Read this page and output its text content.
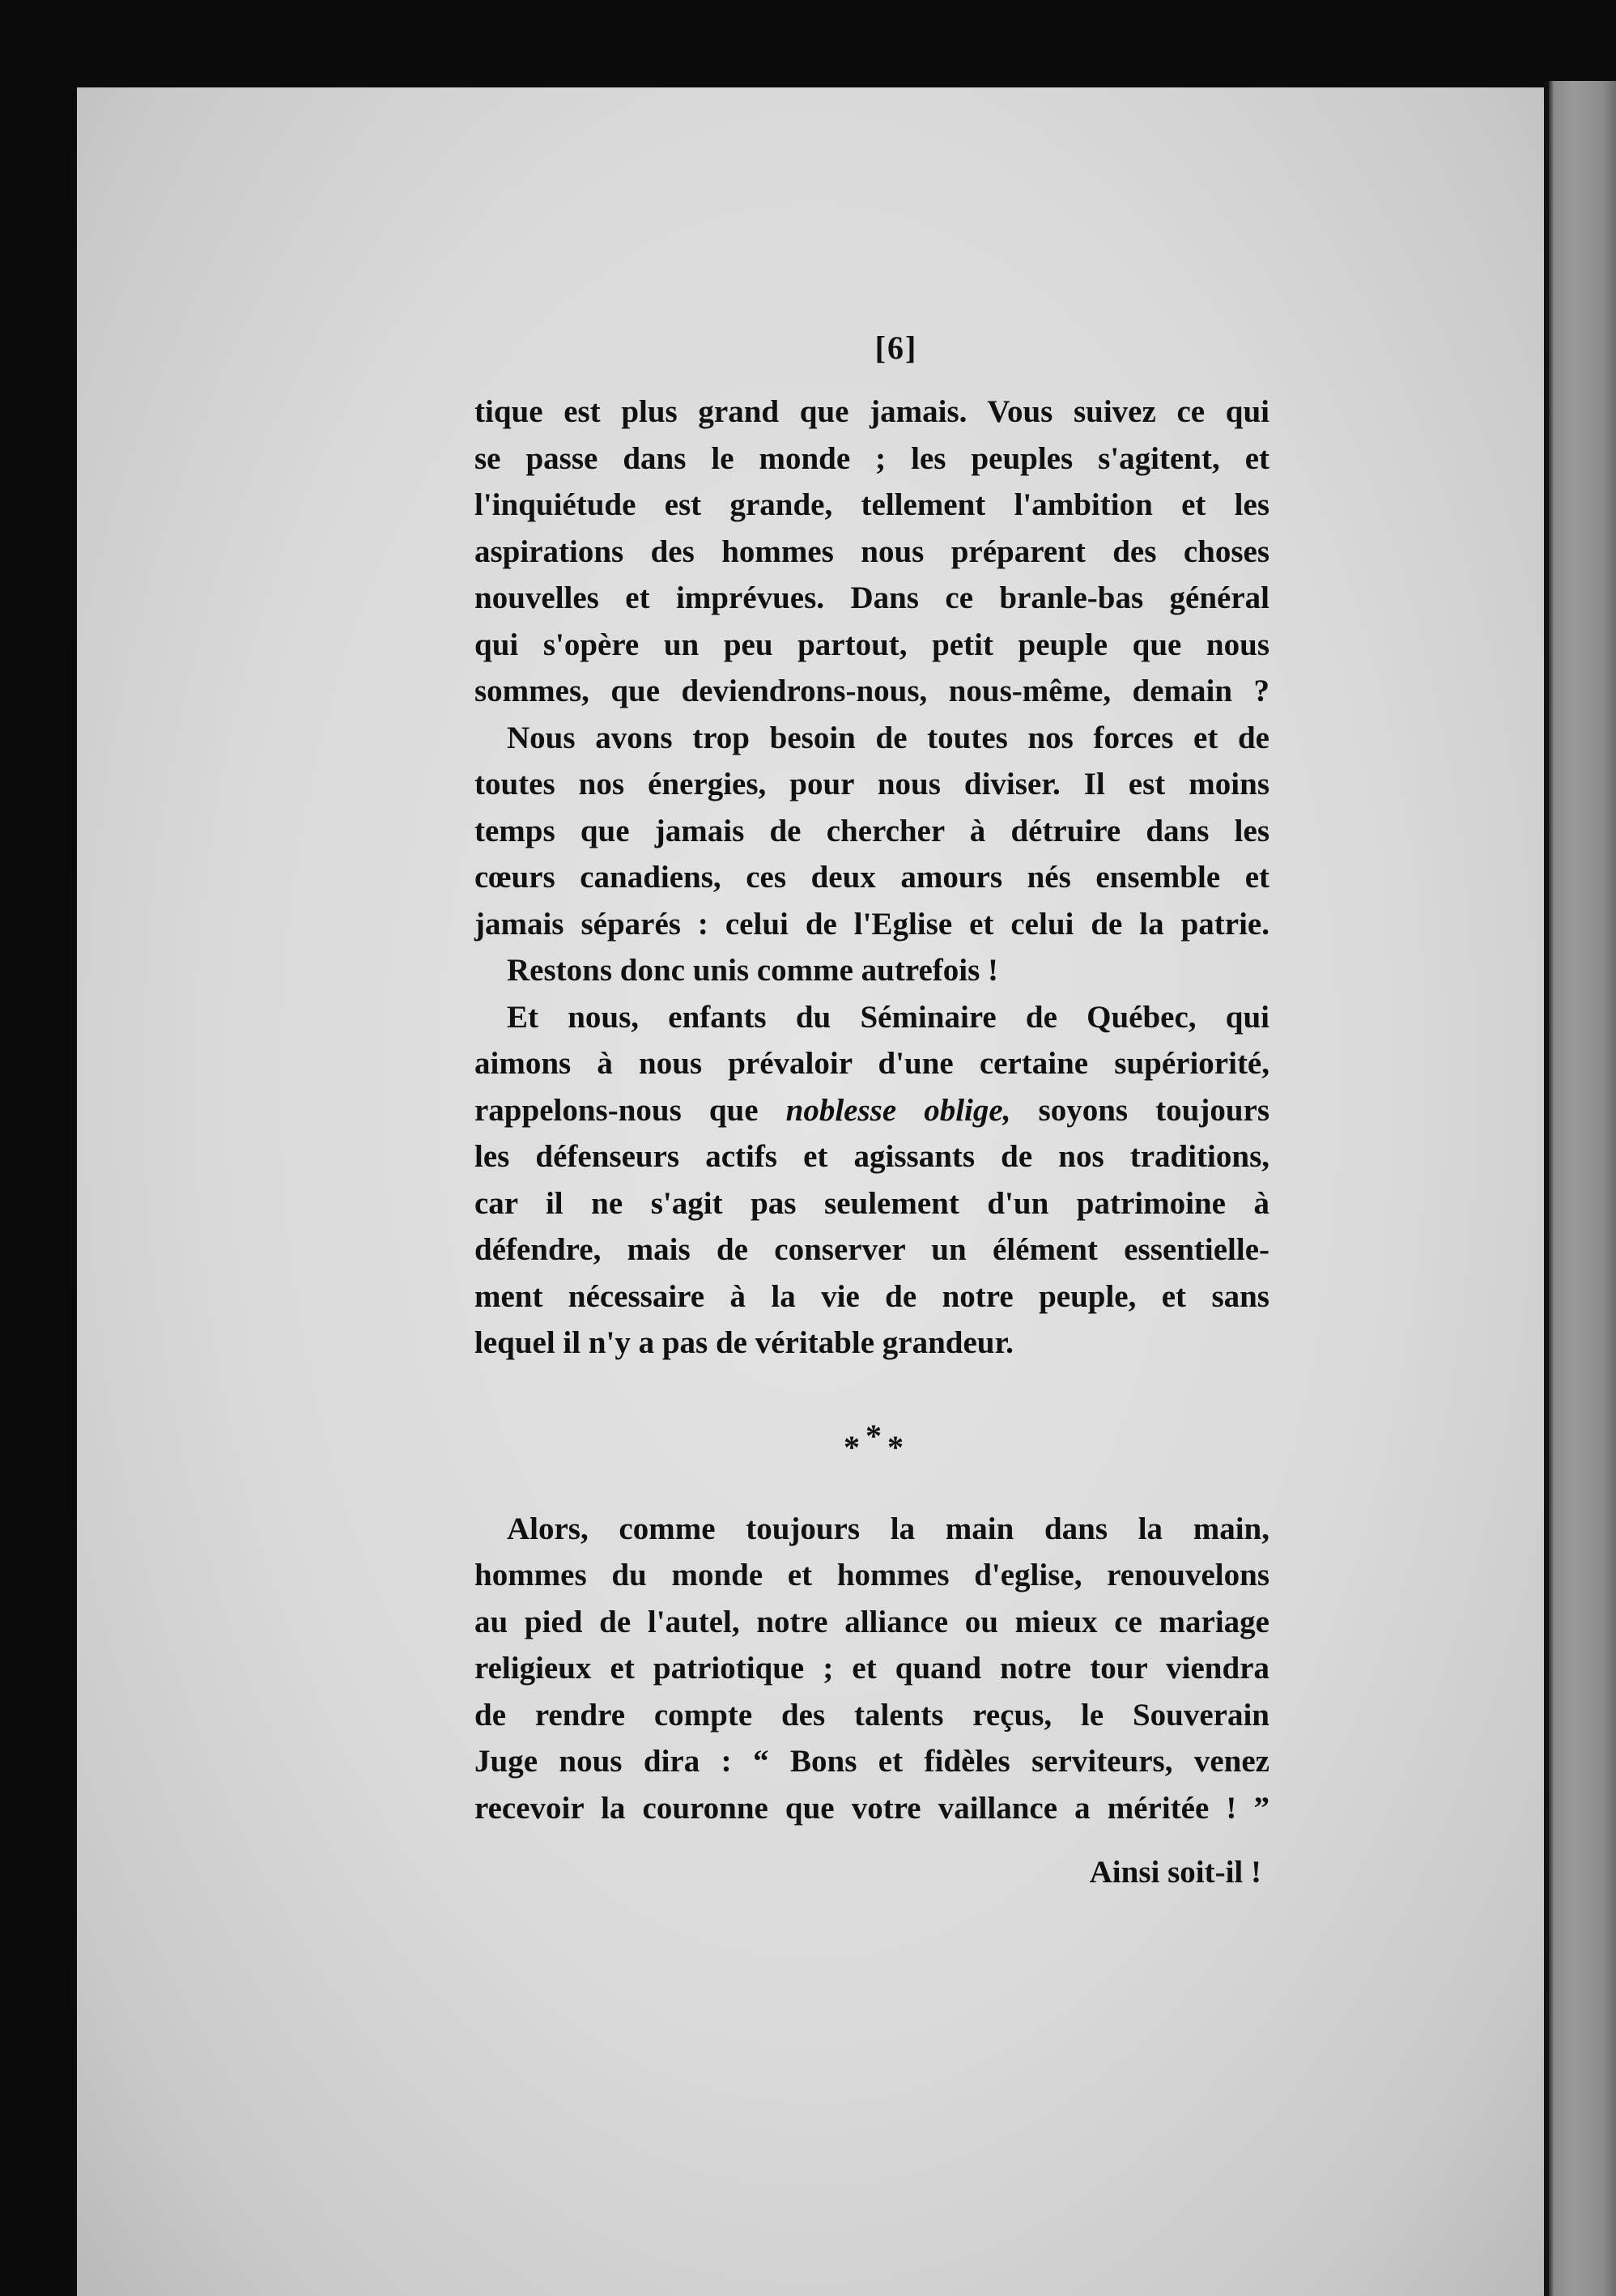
[6]
tique est plus grand que jamais. Vous suivez ce qui
se passe dans le monde ; les peuples s'agitent, et
l'inquiétude est grande, tellement l'ambition et les
aspirations des hommes nous préparent des choses
nouvelles et imprévues. Dans ce branle-bas général
qui s'opère un peu partout, petit peuple que nous
sommes, que deviendrons-nous, nous-même, demain ?
Nous avons trop besoin de toutes nos forces et de
toutes nos énergies, pour nous diviser. Il est moins
temps que jamais de chercher à détruire dans les
cœurs canadiens, ces deux amours nés ensemble et
jamais séparés : celui de l'Eglise et celui de la patrie.
Restons donc unis comme autrefois !
Et nous, enfants du Séminaire de Québec, qui
aimons à nous prévaloir d'une certaine supériorité,
rappelons-nous que noblesse oblige, soyons toujours
les défenseurs actifs et agissants de nos traditions,
car il ne s'agit pas seulement d'un patrimoine à
défendre, mais de conserver un élément essentielle-
ment nécessaire à la vie de notre peuple, et sans
lequel il n'y a pas de véritable grandeur.
* * *
Alors, comme toujours la main dans la main,
hommes du monde et hommes d'eglise, renouvelons
au pied de l'autel, notre alliance ou mieux ce mariage
religieux et patriotique ; et quand notre tour viendra
de rendre compte des talents reçus, le Souverain
Juge nous dira : “ Bons et fidèles serviteurs, venez
recevoir la couronne que votre vaillance a méritée ! ”
Ainsi soit-il !
